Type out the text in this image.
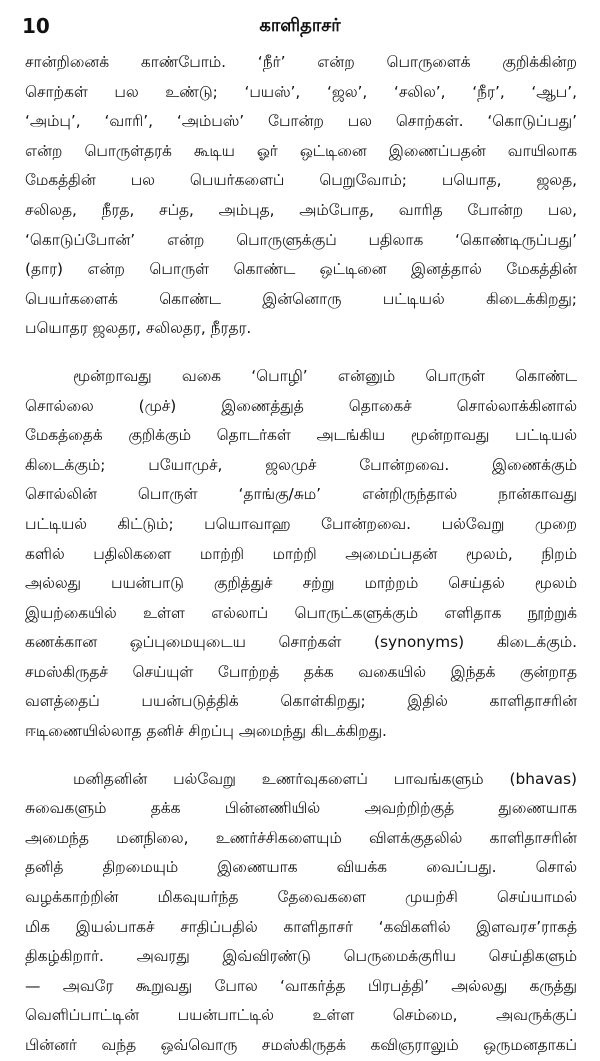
10	காளிதாசர்
சான்றினைக் காண்போம். ‘நீர்’ என்ற பொருளைக் குறிக்கின்ற
சொற்கள் பல உண்டு; ‘பயஸ்’, ‘ஜல’, ‘சலில’, ‘நீர’, ‘ஆப’,
‘அம்பு’, ‘வாரி’, ‘அம்பஸ்’ போன்ற பல சொற்கள். ‘கொடுப்பது’
என்ற பொருள்தரக் கூடிய ஓர் ஒட்டினை இணைப்பதன் வாயிலாக
மேகத்தின் பல பெயர்களைப் பெறுவோம்; பயொத, ஜலத,
சலிலத, நீரத, சப்த, அம்புத, அம்போத, வாரித போன்ற பல,
‘கொடுப்போன்’ என்ற பொருளுக்குப் பதிலாக ‘கொண்டிருப்பது’
(தார) என்ற பொருள் கொண்ட ஒட்டினை இனத்தால் மேகத்தின்
பெயர்களைக் கொண்ட இன்னொரு பட்டியல் கிடைக்கிறது;
பயொதர ஜலதர, சலிலதர, நீரதர.
மூன்றாவது வகை ‘பொழி’ என்னும் பொருள் கொண்ட
சொல்லை (முச்) இணைத்துத் தொகைச் சொல்லாக்கினால்
மேகத்தைக் குறிக்கும் தொடர்கள் அடங்கிய மூன்றாவது பட்டியல்
கிடைக்கும்; பயோமுச், ஜலமுச் போன்றவை. இணைக்கும்
சொல்லின் பொருள் ‘தாங்கு/சும’ என்றிருந்தால் நான்காவது
பட்டியல் கிட்டும்; பயொவாஹ போன்றவை. பல்வேறு முறை
களில் பதிலிகளை மாற்றி மாற்றி அமைப்பதன் மூலம், நிறம்
அல்லது பயன்பாடு குறித்துச் சற்று மாற்றம் செய்தல் மூலம்
இயற்கையில் உள்ள எல்லாப் பொருட்களுக்கும் எளிதாக நூற்றுக்
கணக்கான ஒப்புமையுடைய சொற்கள் (synonyms) கிடைக்கும்.
சமஸ்கிருதச் செய்யுள் போற்றத் தக்க வகையில் இந்தக் குன்றாத
வளத்தைப் பயன்படுத்திக் கொள்கிறது; இதில் காளிதாசரின்
ஈடிணையில்லாத தனிச் சிறப்பு அமைந்து கிடக்கிறது.
மனிதனின் பல்வேறு உணர்வுகளைப் பாவங்களும் (bhavas)
சுவைகளும் தக்க பின்னணியில் அவற்றிற்குத் துணையாக
அமைந்த மனநிலை, உணர்ச்சிகளையும் விளக்குதலில் காளிதாசரின்
தனித் திறமையும் இணையாக வியக்க வைப்பது. சொல்
வழக்காற்றின் மிகவுயர்ந்த தேவைகளை முயற்சி செய்யாமல்
மிக இயல்பாகச் சாதிப்பதில் காளிதாசர் ‘கவிகளில் இளவரச’ராகத்
திகழ்கிறார். அவரது இவ்விரண்டு பெருமைக்குரிய செய்திகளும்
— அவரே கூறுவது போல ‘வாகர்த்த பிரபத்தி’ அல்லது கருத்து
வெளிப்பாட்டின் பயன்பாட்டில் உள்ள செம்மை, அவருக்குப்
பின்னர் வந்த ஒவ்வொரு சமஸ்கிருதக் கவிஞராலும் ஒருமனதாகப்
